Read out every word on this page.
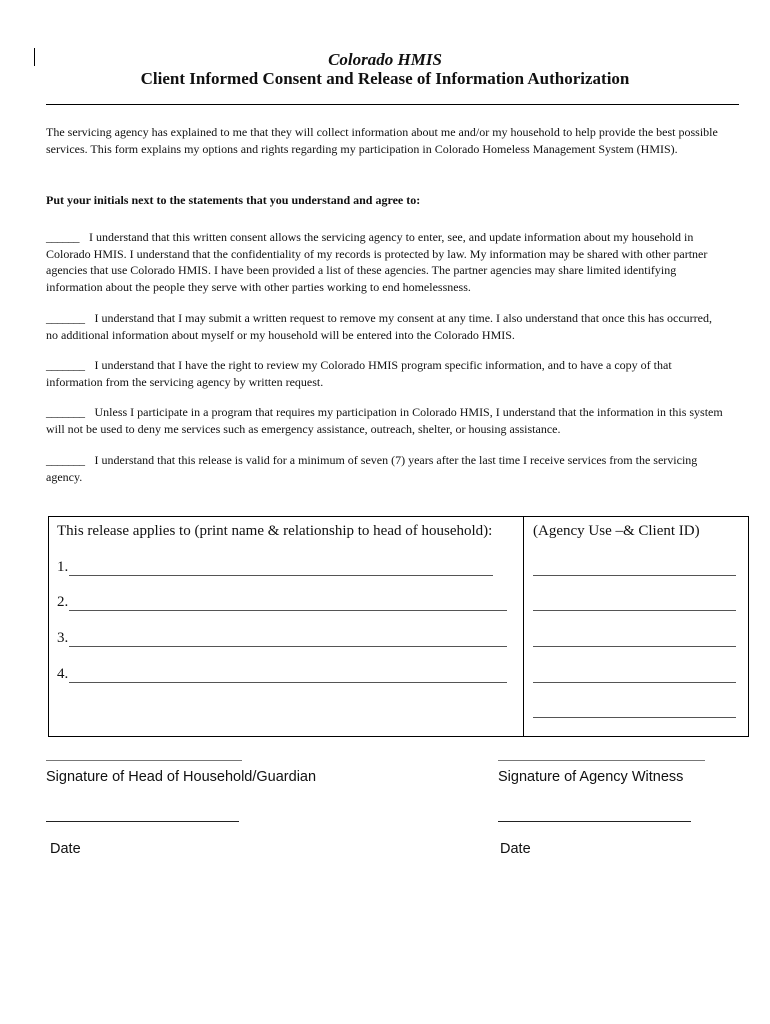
Colorado HMIS
Client Informed Consent and Release of Information Authorization

The servicing agency has explained to me that they will collect information about me and/or my household to help provide the best possible services. This form explains my options and rights regarding my participation in Colorado Homeless Management System (HMIS).

Put your initials next to the statements that you understand and agree to:

______ I understand that this written consent allows the servicing agency to enter, see, and update information about my household in Colorado HMIS. I understand that the confidentiality of my records is protected by law. My information may be shared with other partner agencies that use Colorado HMIS. I have been provided a list of these agencies. The partner agencies may share limited identifying information about the people they serve with other parties working to end homelessness.

_______ I understand that I may submit a written request to remove my consent at any time. I also understand that once this has occurred, no additional information about myself or my household will be entered into the Colorado HMIS.

_______ I understand that I have the right to review my Colorado HMIS program specific information, and to have a copy of that information from the servicing agency by written request.

_______ Unless I participate in a program that requires my participation in Colorado HMIS, I understand that the information in this system will not be used to deny me services such as emergency assistance, outreach, shelter, or housing assistance.

_______ I understand that this release is valid for a minimum of seven (7) years after the last time I receive services from the servicing agency.

This release applies to (print name & relationship to head of household):	(Agency Use –& Client ID)
1.
2.
3.
4.
Signature of Head of Household/Guardian	Signature of Agency Witness
Date	Date
